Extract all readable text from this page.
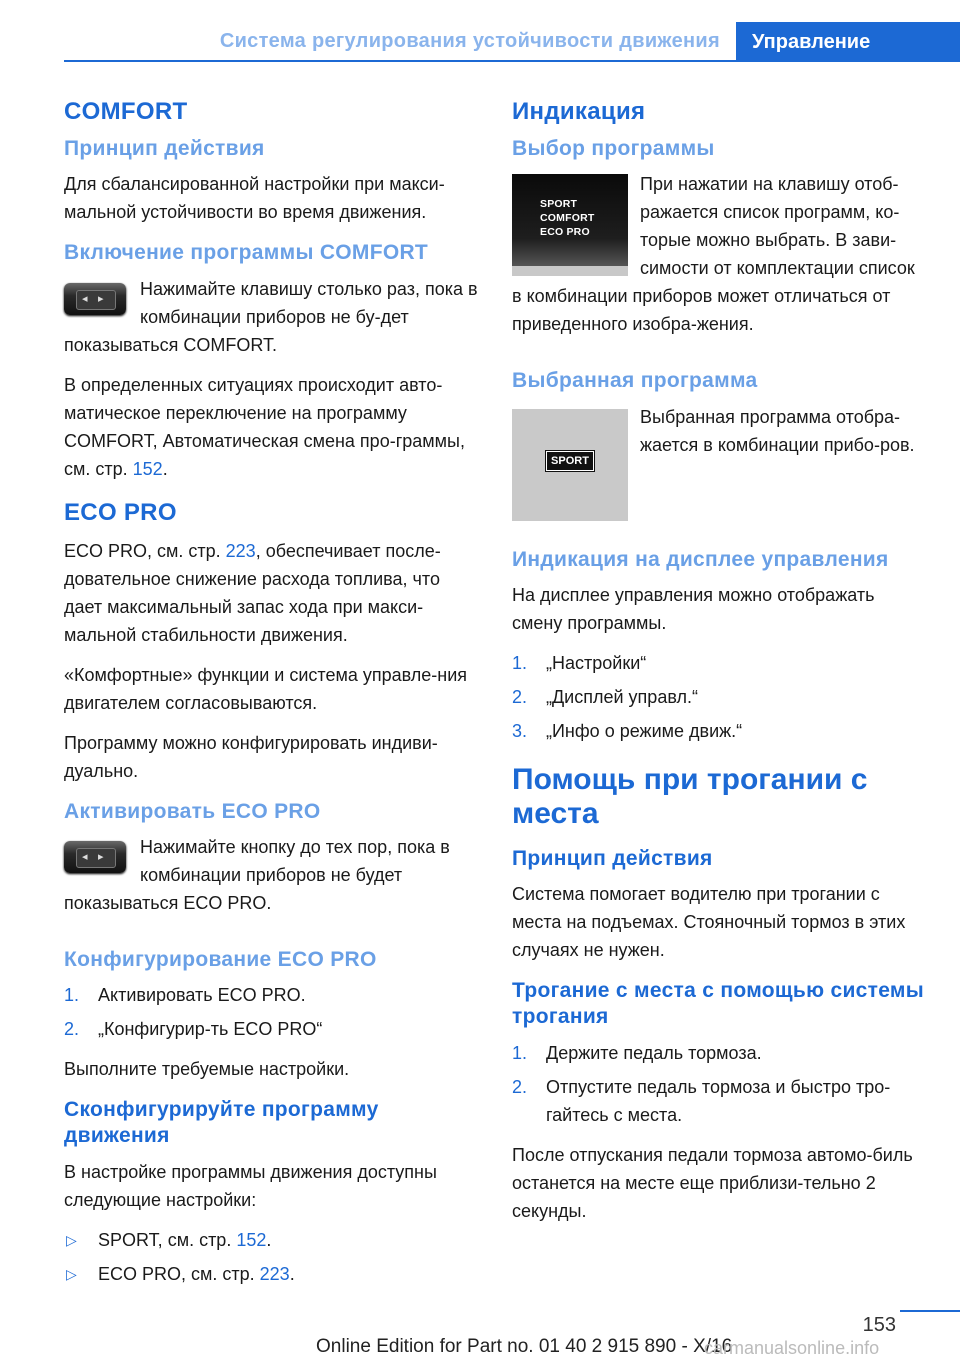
Система регулирования устойчивости движения	Управление
COMFORT
Принцип действия

Для сбалансированной настройки при макси-мальной устойчивости во время движения.

Включение программы COMFORT
◂ ▸	Нажимайте клавишу столько раз, пока в комбинации приборов не бу-дет показываться COMFORT.

В определенных ситуациях происходит авто-матическое переключение на программу COMFORT, Автоматическая смена про-граммы, см. стр. 152.

ECO PRO

ECO PRO, см. стр. 223, обеспечивает после-довательное снижение расхода топлива, что дает максимальный запас хода при макси-мальной стабильности движения.

«Комфортные» функции и система управле-ния двигателем согласовываются.

Программу можно конфигурировать индиви-дуально.

Активировать ECO PRO
◂ ▸	Нажимайте кнопку до тех пор, пока в комбинации приборов не будет показываться ECO PRO.

Конфигурирование ECO PRO
1. Активировать ECO PRO.
2. „Конфигурир-ть ECO PRO“

Выполните требуемые настройки.

Сконфигурируйте программу движения

В настройке программы движения доступны следующие настройки:

▷ SPORT, см. стр. 152.
▷ ECO PRO, см. стр. 223.
Индикация
Выбор программы
SPORT
COMFORT
ECO PRO

При нажатии на клавишу отоб-ражается список программ, ко-торые можно выбрать. В зави-симости от комплектации список в комбинации приборов может отличаться от приведенного изобра-жения.

Выбранная программа
SPORT

Выбранная программа отобра-жается в комбинации прибо-ров.

Индикация на дисплее управления

На дисплее управления можно отображать смену программы.

1. „Настройки“
2. „Дисплей управл.“
3. „Инфо о режиме движ.“
Помощь при трогании с места
Принцип действия

Система помогает водителю при трогании с места на подъемах. Стояночный тормоз в этих случаях не нужен.

Трогание с места с помощью системы трогания
1. Держите педаль тормоза.
2. Отпустите педаль тормоза и быстро тро-гайтесь с места.

После отпускания педали тормоза автомо-биль останется на месте еще приблизи-тельно 2 секунды.

153
Online Edition for Part no. 01 40 2 915 890 - X/16
carmanualsonline.info
